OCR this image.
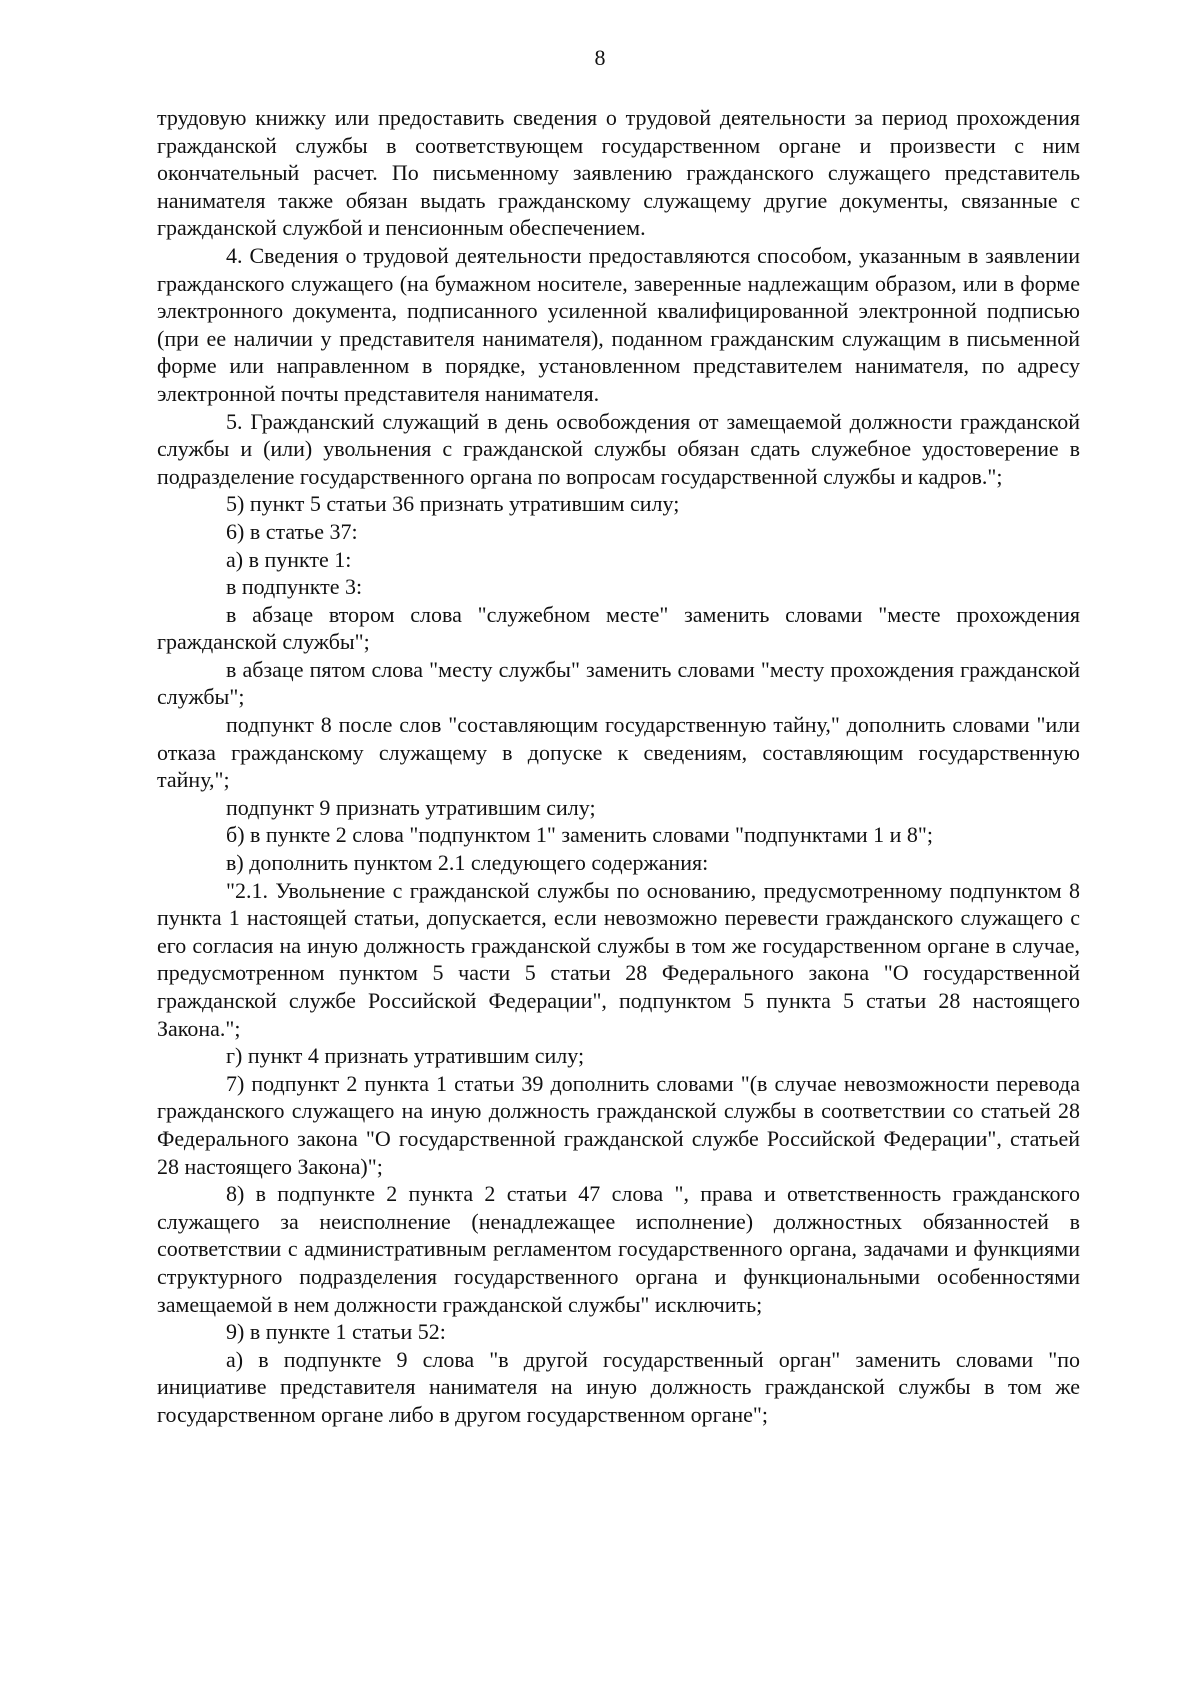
8

трудовую книжку или предоставить сведения о трудовой деятельности за период прохождения гражданской службы в соответствующем государственном органе и произвести с ним окончательный расчет. По письменному заявлению гражданского служащего представитель нанимателя также обязан выдать гражданскому служащему другие документы, связанные с гражданской службой и пенсионным обеспечением.

4. Сведения о трудовой деятельности предоставляются способом, указанным в заявлении гражданского служащего (на бумажном носителе, заверенные надлежащим образом, или в форме электронного документа, подписанного усиленной квалифицированной электронной подписью (при ее наличии у представителя нанимателя), поданном гражданским служащим в письменной форме или направленном в порядке, установленном представителем нанимателя, по адресу электронной почты представителя нанимателя.

5. Гражданский служащий в день освобождения от замещаемой должности гражданской службы и (или) увольнения с гражданской службы обязан сдать служебное удостоверение в подразделение государственного органа по вопросам государственной службы и кадров.";

5) пункт 5 статьи 36 признать утратившим силу;

6) в статье 37:

а) в пункте 1:

в подпункте 3:

в абзаце втором слова "служебном месте" заменить словами "месте прохождения гражданской службы";

в абзаце пятом слова "месту службы" заменить словами "месту прохождения гражданской службы";

подпункт 8 после слов "составляющим государственную тайну," дополнить словами "или отказа гражданскому служащему в допуске к сведениям, составляющим государственную тайну,";

подпункт 9 признать утратившим силу;

б) в пункте 2 слова "подпунктом 1" заменить словами "подпунктами 1 и 8";

в) дополнить пунктом 2.1 следующего содержания:

"2.1. Увольнение с гражданской службы по основанию, предусмотренному подпунктом 8 пункта 1 настоящей статьи, допускается, если невозможно перевести гражданского служащего с его согласия на иную должность гражданской службы в том же государственном органе в случае, предусмотренном пунктом 5 части 5 статьи 28 Федерального закона "О государственной гражданской службе Российской Федерации", подпунктом 5 пункта 5 статьи 28 настоящего Закона.";

г) пункт 4 признать утратившим силу;

7) подпункт 2 пункта 1 статьи 39 дополнить словами "(в случае невозможности перевода гражданского служащего на иную должность гражданской службы в соответствии со статьей 28 Федерального закона "О государственной гражданской службе Российской Федерации", статьей 28 настоящего Закона)";

8) в подпункте 2 пункта 2 статьи 47 слова ", права и ответственность гражданского служащего за неисполнение (ненадлежащее исполнение) должностных обязанностей в соответствии с административным регламентом государственного органа, задачами и функциями структурного подразделения государственного органа и функциональными особенностями замещаемой в нем должности гражданской службы" исключить;

9) в пункте 1 статьи 52:

а) в подпункте 9 слова "в другой государственный орган" заменить словами "по инициативе представителя нанимателя на иную должность гражданской службы в том же государственном органе либо в другом государственном органе";
